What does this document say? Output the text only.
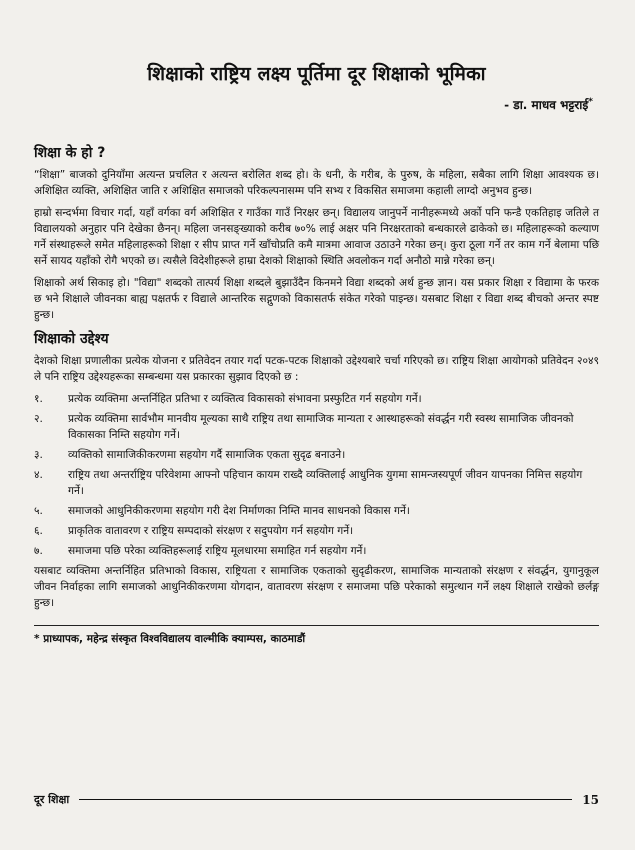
शिक्षाको राष्ट्रिय लक्ष्य पूर्तिमा दूर शिक्षाको भूमिका
- डा. माधव भट्टराई*
शिक्षा के हो ?

“शिक्षा” बाजको दुनियाँमा अत्यन्त प्रचलित र अत्यन्त बरोलित शब्द हो। के धनी, के गरीब, के पुरुष, के महिला, सबैका लागि शिक्षा आवश्यक छ। अशिक्षित व्यक्ति, अशिक्षित जाति र अशिक्षित समाजको परिकल्पनासम्म पनि सभ्य र विकसित समाजमा कहाली लाग्दो अनुभव हुन्छ।

हाम्रो सन्दर्भमा विचार गर्दा, यहाँ वर्गका वर्ग अशिक्षित र गाउँका गाउँ निरक्षर छन्। विद्यालय जानुपर्ने नानीहरूमध्ये अर्को पनि फन्डै एकतिहाइ जतिले त विद्यालयको अनुहार पनि देखेका छैनन्। महिला जनसङ्ख्याको करीब ७०% लाई अक्षर पनि निरक्षरताको बन्धकारले ढाकेको छ। महिलाहरूको कल्याण गर्ने संस्थाहरूले समेत महिलाहरूको शिक्षा र सीप प्राप्त गर्ने खाँचोप्रति कमै मात्रमा आवाज उठाउने गरेका छन्। कुरा ठूला गर्ने तर काम गर्ने बेलामा पछि सर्ने सायद यहाँको रोगै भएको छ। त्यसैले विदेशीहरूले हाम्रा देशको शिक्षाको स्थिति अवलोकन गर्दा अनौठो मान्ने गरेका छन्।

शिक्षाको अर्थ सिकाइ हो। "विद्या" शब्दको तात्पर्य शिक्षा शब्दले बुझाउँदैन किनमने विद्या शब्दको अर्थ हुन्छ ज्ञान। यस प्रकार शिक्षा र विद्यामा के फरक छ भने शिक्षाले जीवनका बाह्य पक्षतर्फ र विद्याले आन्तरिक सद्गुणको विकासतर्फ संकेत गरेको पाइन्छ। यसबाट शिक्षा र विद्या शब्द बीचको अन्तर स्पष्ट हुन्छ।

शिक्षाको उद्देश्य

देशको शिक्षा प्रणालीका प्रत्येक योजना र प्रतिवेदन तयार गर्दा पटक-पटक शिक्षाको उद्देश्यबारे चर्चा गरिएको छ। राष्ट्रिय शिक्षा आयोगको प्रतिवेदन २०४९ ले पनि राष्ट्रिय उद्देश्यहरूका सम्बन्धमा यस प्रकारका सुझाव दिएको छ :

१.	प्रत्येक व्यक्तिमा अन्तर्निहित प्रतिभा र व्यक्तित्व विकासको संभावना प्रस्फुटित गर्न सहयोग गर्ने।
२.	प्रत्येक व्यक्तिमा सार्वभौम मानवीय मूल्यका साथै राष्ट्रिय तथा सामाजिक मान्यता र आस्थाहरूको संवर्द्धन गरी स्वस्थ सामाजिक जीवनको विकासका निम्ति सहयोग गर्ने।
३.	व्यक्तिको सामाजिकीकरणमा सहयोग गर्दै सामाजिक एकता सुदृढ बनाउने।
४.	राष्ट्रिय तथा अन्तर्राष्ट्रिय परिवेशमा आफ्नो पहिचान कायम राख्दै व्यक्तिलाई आधुनिक युगमा सामन्जस्यपूर्ण जीवन यापनका निमित्त सहयोग गर्ने।
५.	समाजको आधुनिकीकरणमा सहयोग गरी देश निर्माणका निम्ति मानव साधनको विकास गर्ने।
६.	प्राकृतिक वातावरण र राष्ट्रिय सम्पदाको संरक्षण र सदुपयोग गर्न सहयोग गर्ने।
७.	समाजमा पछि परेका व्यक्तिहरूलाई राष्ट्रिय मूलधारमा समाहित गर्न सहयोग गर्ने।

यसबाट व्यक्तिमा अन्तर्निहित प्रतिभाको विकास, राष्ट्रियता र सामाजिक एकताको सुदृढीकरण, सामाजिक मान्यताको संरक्षण र संवर्द्धन, युगानुकूल जीवन निर्वाहका लागि समाजको आधुनिकीकरणमा योगदान, वातावरण संरक्षण र समाजमा पछि परेकाको समुत्थान गर्ने लक्ष्य शिक्षाले राखेको छर्लङ्ग हुन्छ।

* प्राध्यापक, महेन्द्र संस्कृत विश्वविद्यालय वाल्मीकि क्याम्पस, काठमाडौं
दूर शिक्षा	15
